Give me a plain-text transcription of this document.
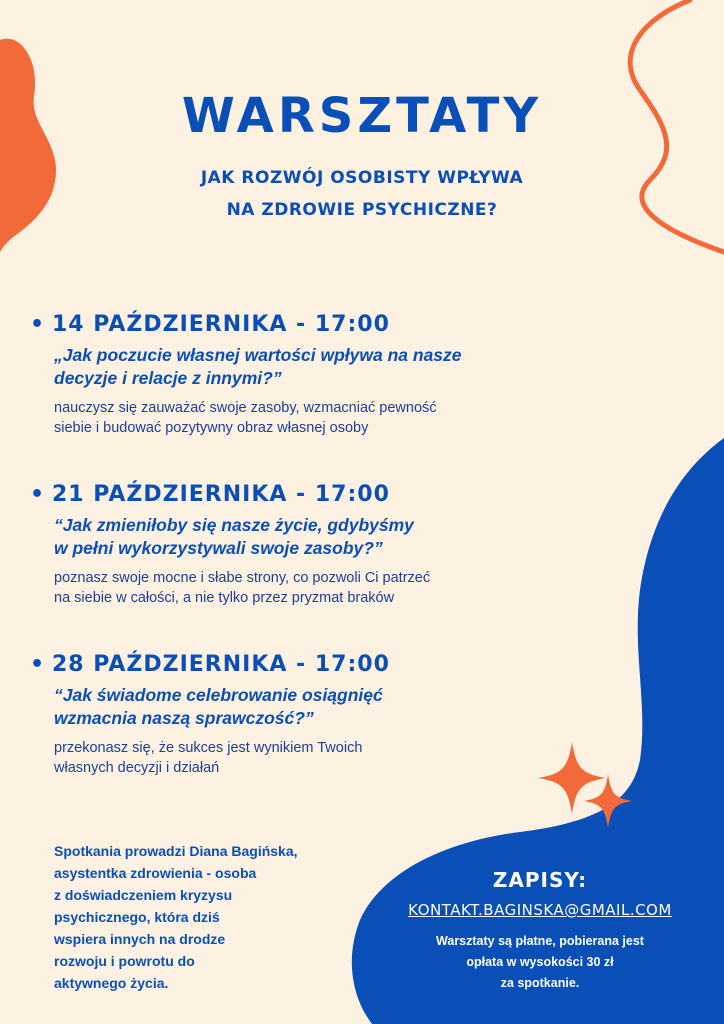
WARSZTATY
JAK ROZWÓJ OSOBISTY WPŁYWA
NA ZDROWIE PSYCHICZNE?
• 14 PAŹDZIERNIKA - 17:00
„Jak poczucie własnej wartości wpływa na nasze
decyzje i relacje z innymi?”
nauczysz się zauważać swoje zasoby, wzmacniać pewność
siebie i budować pozytywny obraz własnej osoby
• 21 PAŹDZIERNIKA - 17:00
“Jak zmieniłoby się nasze życie, gdybyśmy
w pełni wykorzystywali swoje zasoby?”
poznasz swoje mocne i słabe strony, co pozwoli Ci patrzeć
na siebie w całości, a nie tylko przez pryzmat braków
• 28 PAŹDZIERNIKA - 17:00
“Jak świadome celebrowanie osiągnięć
wzmacnia naszą sprawczość?”
przekonasz się, że sukces jest wynikiem Twoich
własnych decyzji i działań
Spotkania prowadzi Diana Bagińska,
asystentka zdrowienia - osoba
z doświadczeniem kryzysu
psychicznego, która dziś
wspiera innych na drodze
rozwoju i powrotu do
aktywnego życia.
ZAPISY:
KONTAKT.BAGINSKA@GMAIL.COM
Warsztaty są płatne, pobierana jest
opłata w wysokości 30 zł
za spotkanie.
